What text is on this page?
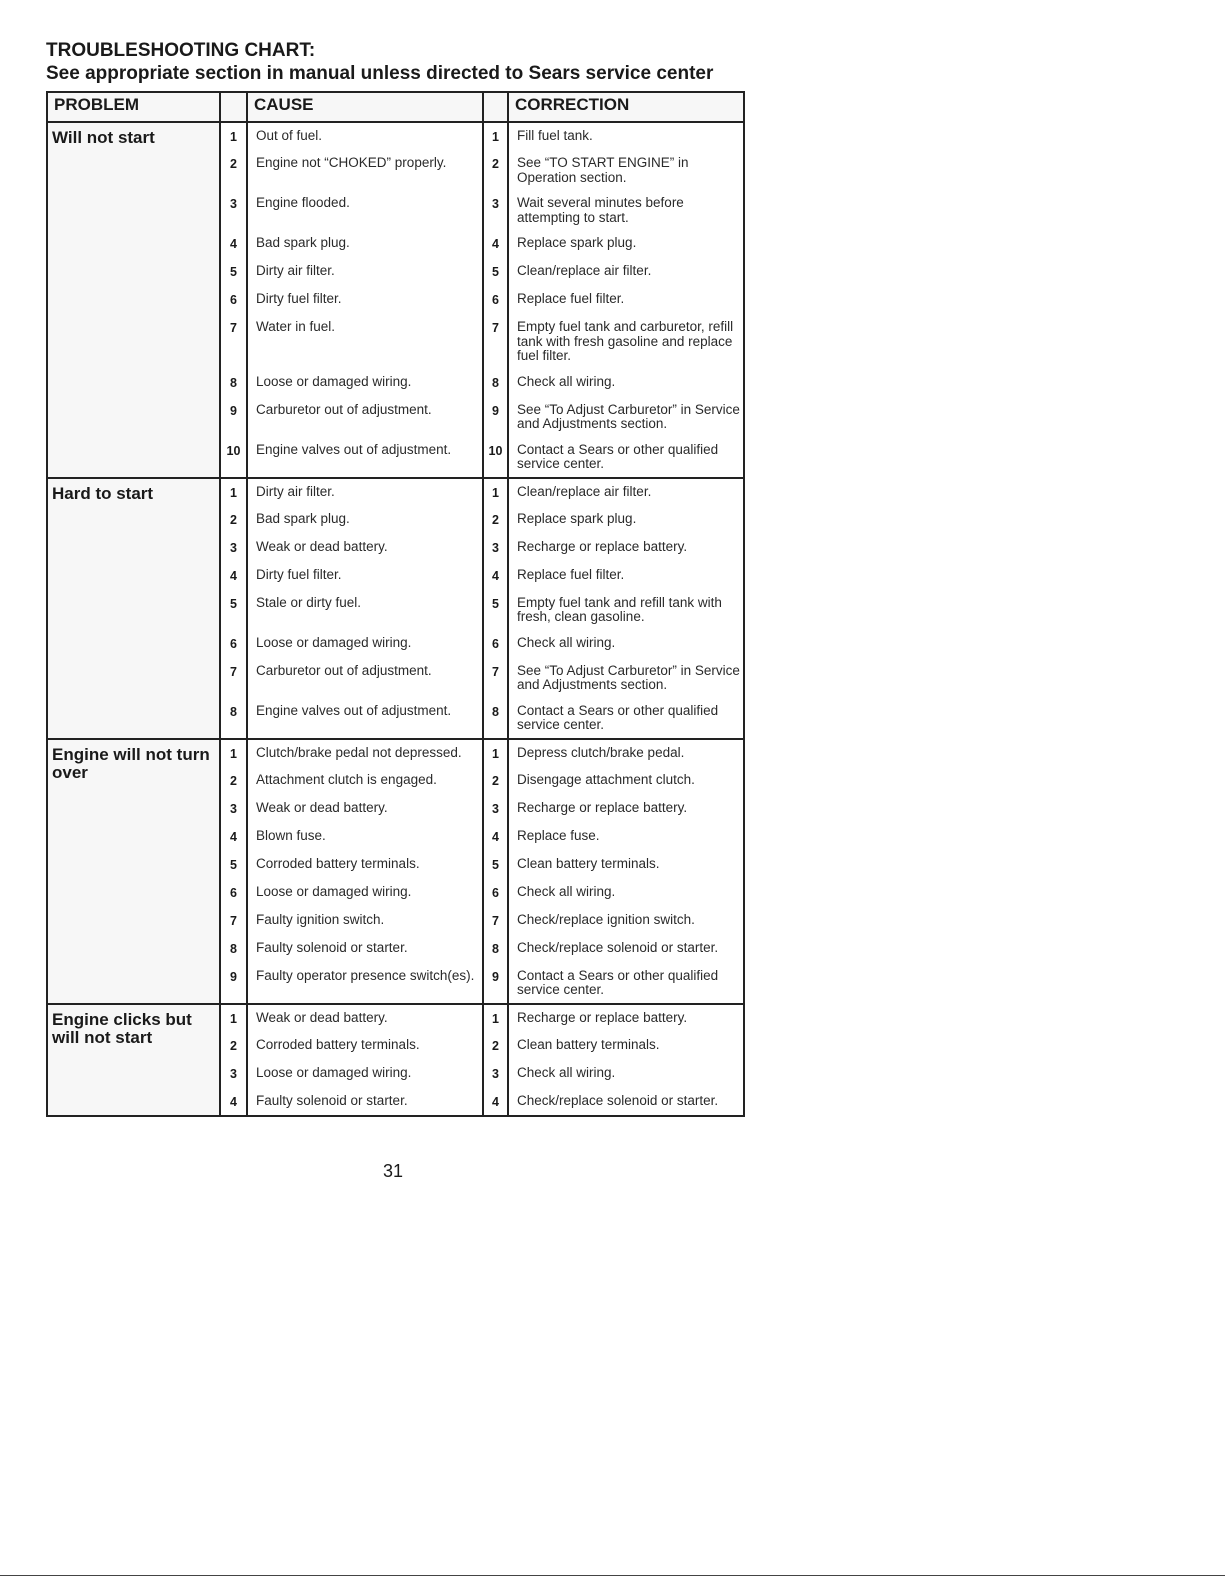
TROUBLESHOOTING CHART:
See appropriate section in manual unless directed to Sears service center
PROBLEM		CAUSE		CORRECTION
Will not start	1	Out of fuel.	1	Fill fuel tank.
	2	Engine not “CHOKED” properly.	2	See “TO START ENGINE” in Operation section.
	3	Engine flooded.	3	Wait several minutes before attempting to start.
	4	Bad spark plug.	4	Replace spark plug.
	5	Dirty air filter.	5	Clean/replace air filter.
	6	Dirty fuel filter.	6	Replace fuel filter.
	7	Water in fuel.	7	Empty fuel tank and carburetor, refill tank with fresh gasoline and replace fuel filter.
	8	Loose or damaged wiring.	8	Check all wiring.
	9	Carburetor out of adjustment.	9	See “To Adjust Carburetor” in Service and Adjustments section.
	10	Engine valves out of adjustment.	10	Contact a Sears or other qualified service center.
Hard to start	1	Dirty air filter.	1	Clean/replace air filter.
	2	Bad spark plug.	2	Replace spark plug.
	3	Weak or dead battery.	3	Recharge or replace battery.
	4	Dirty fuel filter.	4	Replace fuel filter.
	5	Stale or dirty fuel.	5	Empty fuel tank and refill tank with fresh, clean gasoline.
	6	Loose or damaged wiring.	6	Check all wiring.
	7	Carburetor out of adjustment.	7	See “To Adjust Carburetor” in Service and Adjustments section.
	8	Engine valves out of adjustment.	8	Contact a Sears or other qualified service center.
Engine will not turn over	1	Clutch/brake pedal not depressed.	1	Depress clutch/brake pedal.
	2	Attachment clutch is engaged.	2	Disengage attachment clutch.
	3	Weak or dead battery.	3	Recharge or replace battery.
	4	Blown fuse.	4	Replace fuse.
	5	Corroded battery terminals.	5	Clean battery terminals.
	6	Loose or damaged wiring.	6	Check all wiring.
	7	Faulty ignition switch.	7	Check/replace ignition switch.
	8	Faulty solenoid or starter.	8	Check/replace solenoid or starter.
	9	Faulty operator presence switch(es).	9	Contact a Sears or other qualified service center.
Engine clicks but will not start	1	Weak or dead battery.	1	Recharge or replace battery.
	2	Corroded battery terminals.	2	Clean battery terminals.
	3	Loose or damaged wiring.	3	Check all wiring.
	4	Faulty solenoid or starter.	4	Check/replace solenoid or starter.
31
